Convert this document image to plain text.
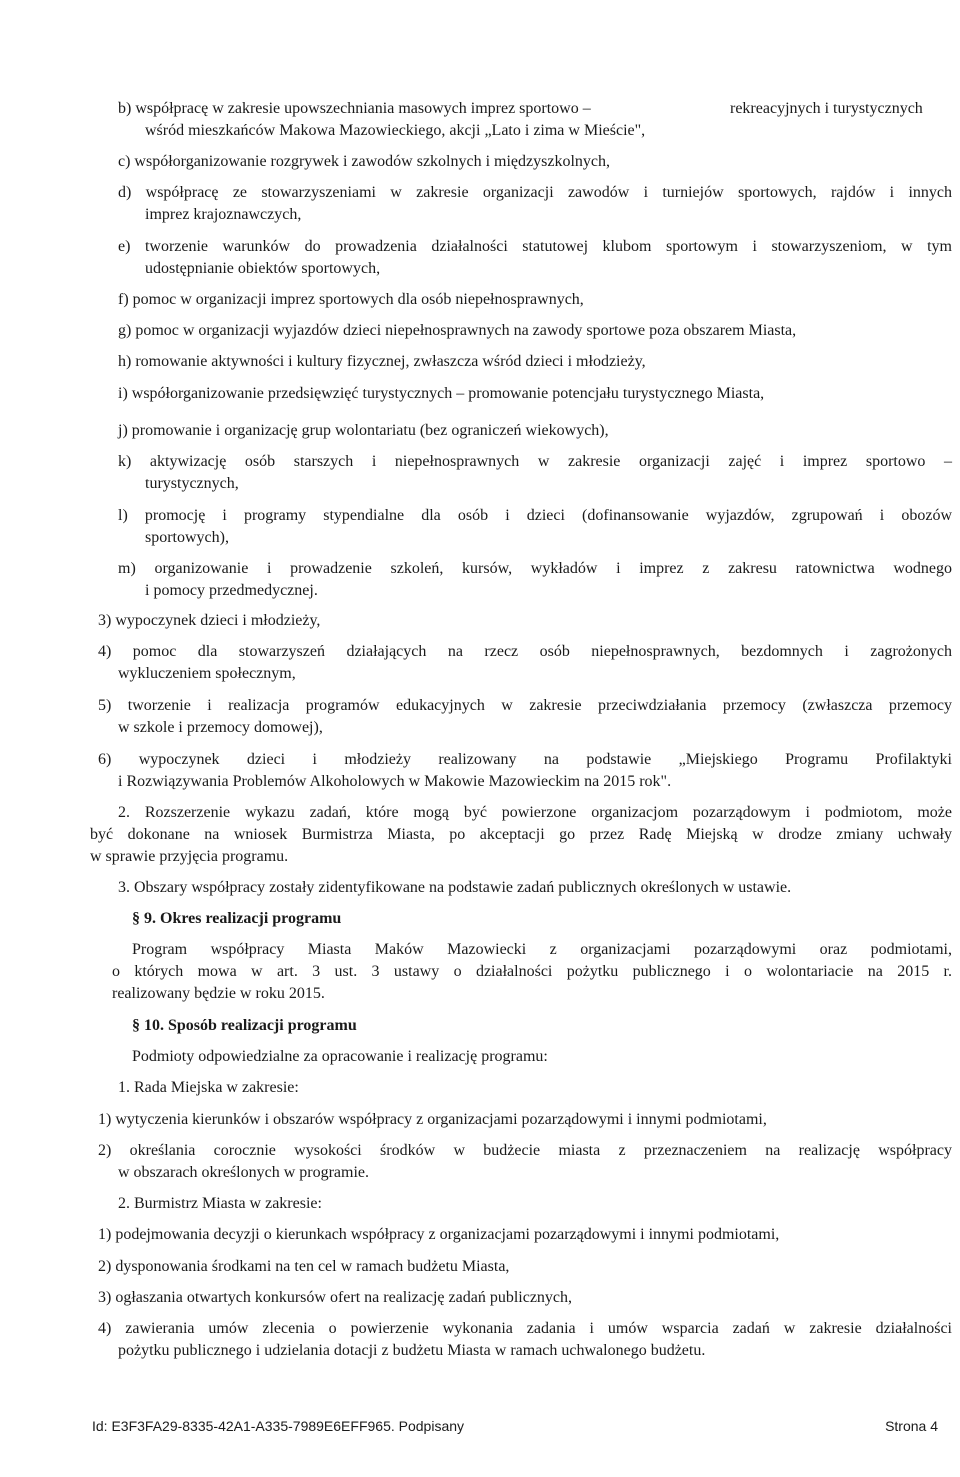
b) współpracę w zakresie upowszechniania masowych imprez sportowo –	rekreacyjnych i turystycznych
wśród mieszkańców Makowa Mazowieckiego, akcji „Lato i zima w Mieście",
c) współorganizowanie rozgrywek i zawodów szkolnych i międzyszkolnych,
d) współpracę ze stowarzyszeniami w zakresie organizacji zawodów i turniejów sportowych, rajdów i innych
imprez krajoznawczych,
e) tworzenie warunków do prowadzenia działalności statutowej klubom sportowym i stowarzyszeniom, w tym
udostępnianie obiektów sportowych,
f) pomoc w organizacji imprez sportowych dla osób niepełnosprawnych,
g) pomoc w organizacji wyjazdów dzieci niepełnosprawnych na zawody sportowe poza obszarem Miasta,
h) romowanie aktywności i kultury fizycznej, zwłaszcza wśród dzieci i młodzieży,
i) współorganizowanie przedsięwzięć turystycznych – promowanie potencjału turystycznego Miasta,
j) promowanie i organizację grup wolontariatu (bez ograniczeń wiekowych),
k) aktywizację osób starszych i niepełnosprawnych w zakresie organizacji zajęć i imprez sportowo –
turystycznych,
l) promocję i programy stypendialne dla osób i dzieci (dofinansowanie wyjazdów, zgrupowań i obozów
sportowych),
m) organizowanie i prowadzenie szkoleń, kursów, wykładów i imprez z zakresu ratownictwa wodnego
i pomocy przedmedycznej.
3) wypoczynek dzieci i młodzieży,
4) pomoc dla stowarzyszeń działających na rzecz osób niepełnosprawnych, bezdomnych i zagrożonych
wykluczeniem społecznym,
5) tworzenie i realizacja programów edukacyjnych w zakresie przeciwdziałania przemocy (zwłaszcza przemocy
w szkole i przemocy domowej),
6) wypoczynek dzieci i młodzieży realizowany na podstawie „Miejskiego Programu Profilaktyki
i Rozwiązywania Problemów Alkoholowych w Makowie Mazowieckim na 2015 rok".
2. Rozszerzenie wykazu zadań, które mogą być powierzone organizacjom pozarządowym i podmiotom, może
być dokonane na wniosek Burmistrza Miasta, po akceptacji go przez Radę Miejską w drodze zmiany uchwały
w sprawie przyjęcia programu.
3. Obszary współpracy zostały zidentyfikowane na podstawie zadań publicznych określonych w ustawie.
§ 9. Okres realizacji programu
Program współpracy Miasta Maków Mazowiecki z organizacjami pozarządowymi oraz podmiotami,
o których mowa w art. 3 ust. 3 ustawy o działalności pożytku publicznego i o wolontariacie na 2015 r.
realizowany będzie w roku 2015.
§ 10. Sposób realizacji programu
Podmioty odpowiedzialne za opracowanie i realizację programu:
1. Rada Miejska w zakresie:
1) wytyczenia kierunków i obszarów współpracy z organizacjami pozarządowymi i innymi podmiotami,
2) określania corocznie wysokości środków w budżecie miasta z przeznaczeniem na realizację współpracy
w obszarach określonych w programie.
2. Burmistrz Miasta w zakresie:
1) podejmowania decyzji o kierunkach współpracy z organizacjami pozarządowymi i innymi podmiotami,
2) dysponowania środkami na ten cel w ramach budżetu Miasta,
3) ogłaszania otwartych konkursów ofert na realizację zadań publicznych,
4) zawierania umów zlecenia o powierzenie wykonania zadania i umów wsparcia zadań w zakresie działalności
pożytku publicznego i udzielania dotacji z budżetu Miasta w ramach uchwalonego budżetu.
Id: E3F3FA29-8335-42A1-A335-7989E6EFF965. Podpisany	Strona 4
